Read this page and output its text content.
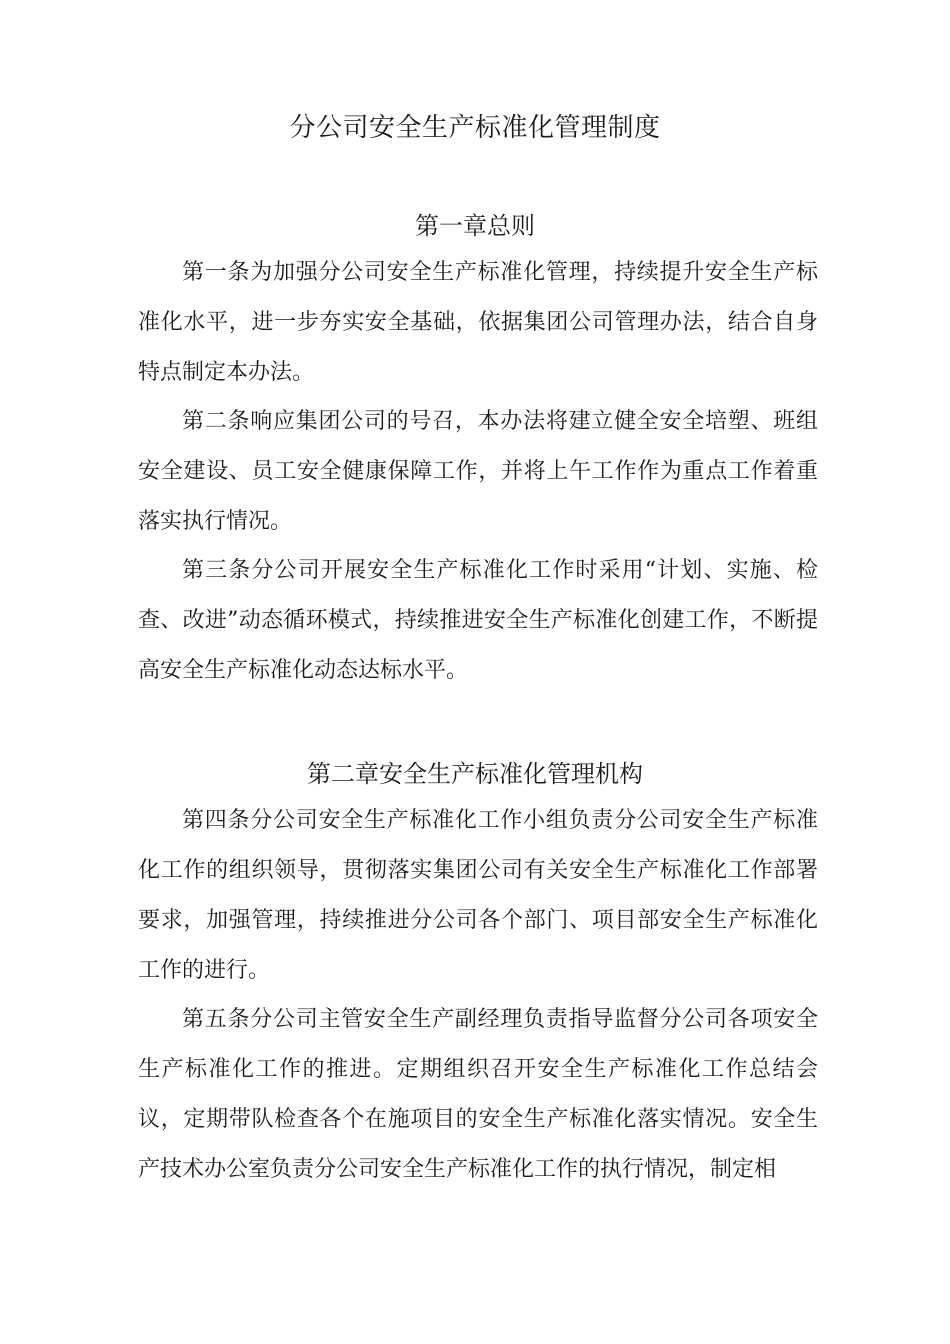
分公司安全生产标准化管理制度
第一章总则

第一条为加强分公司安全生产标准化管理，持续提升安全生产标准化水平，进一步夯实安全基础，依据集团公司管理办法，结合自身特点制定本办法。

第二条响应集团公司的号召，本办法将建立健全安全培塑、班组安全建设、员工安全健康保障工作，并将上午工作作为重点工作着重落实执行情况。

第三条分公司开展安全生产标准化工作时采用“计划、实施、检查、改进”动态循环模式，持续推进安全生产标准化创建工作，不断提高安全生产标准化动态达标水平。

第二章安全生产标准化管理机构

第四条分公司安全生产标准化工作小组负责分公司安全生产标准化工作的组织领导，贯彻落实集团公司有关安全生产标准化工作部署要求，加强管理，持续推进分公司各个部门、项目部安全生产标准化工作的进行。

第五条分公司主管安全生产副经理负责指导监督分公司各项安全生产标准化工作的推进。定期组织召开安全生产标准化工作总结会议，定期带队检查各个在施项目的安全生产标准化落实情况。安全生产技术办公室负责分公司安全生产标准化工作的执行情况，制定相
